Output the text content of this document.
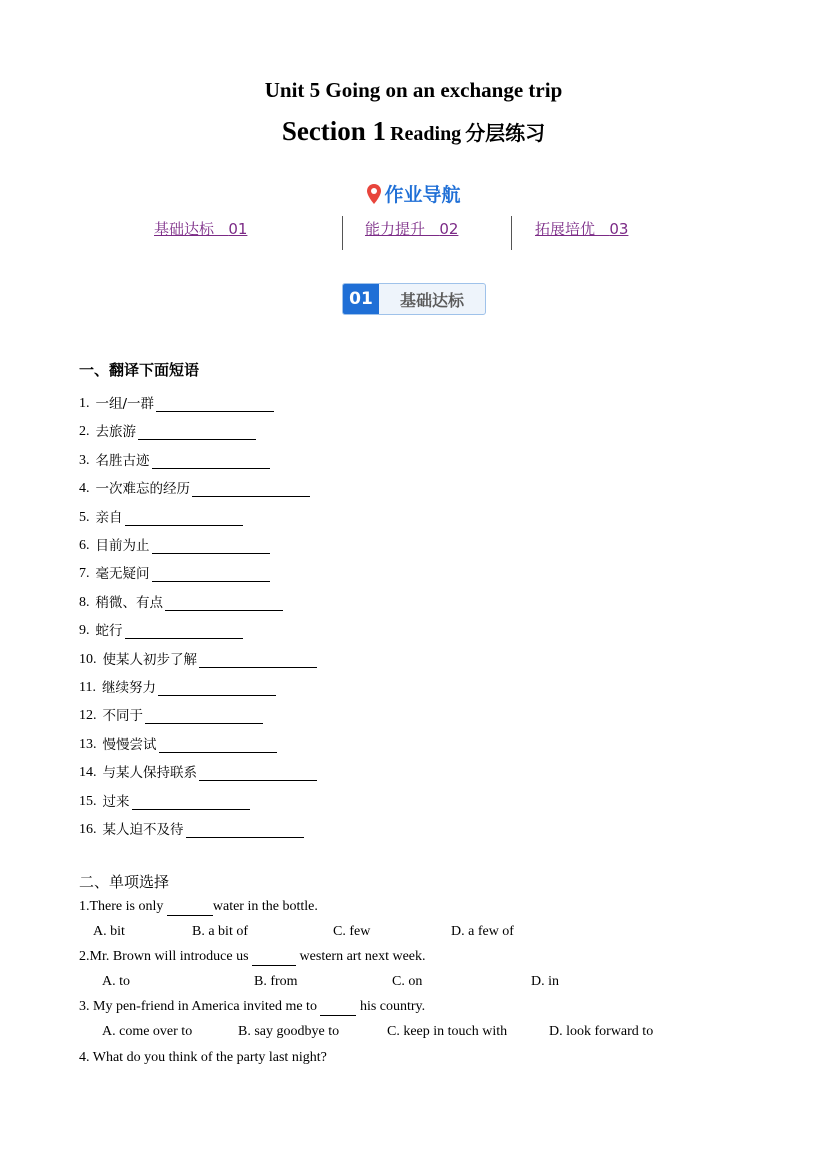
Unit 5 Going on an exchange trip
Section 1 Reading 分层练习
作业导航
基础达标 01	能力提升 02	拓展培优 03
01	基础达标
一、翻译下面短语
1. 一组/一群
2. 去旅游
3. 名胜古迹
4. 一次难忘的经历
5. 亲自
6. 目前为止
7. 毫无疑问
8. 稍微、有点
9. 蛇行
10. 使某人初步了解
11. 继续努力
12. 不同于
13. 慢慢尝试
14. 与某人保持联系
15. 过来
16. 某人迫不及待
二、单项选择
1.There is only	water in the bottle.
A. bit	B. a bit of	C. few	D. a few of
2.Mr. Brown will introduce us	western art next week.
A. to	B. from	C. on	D. in
3. My pen-friend in America invited me to	his country.
A. come over to	B. say goodbye to	C. keep in touch with	D. look forward to
4. What do you think of the party last night?
